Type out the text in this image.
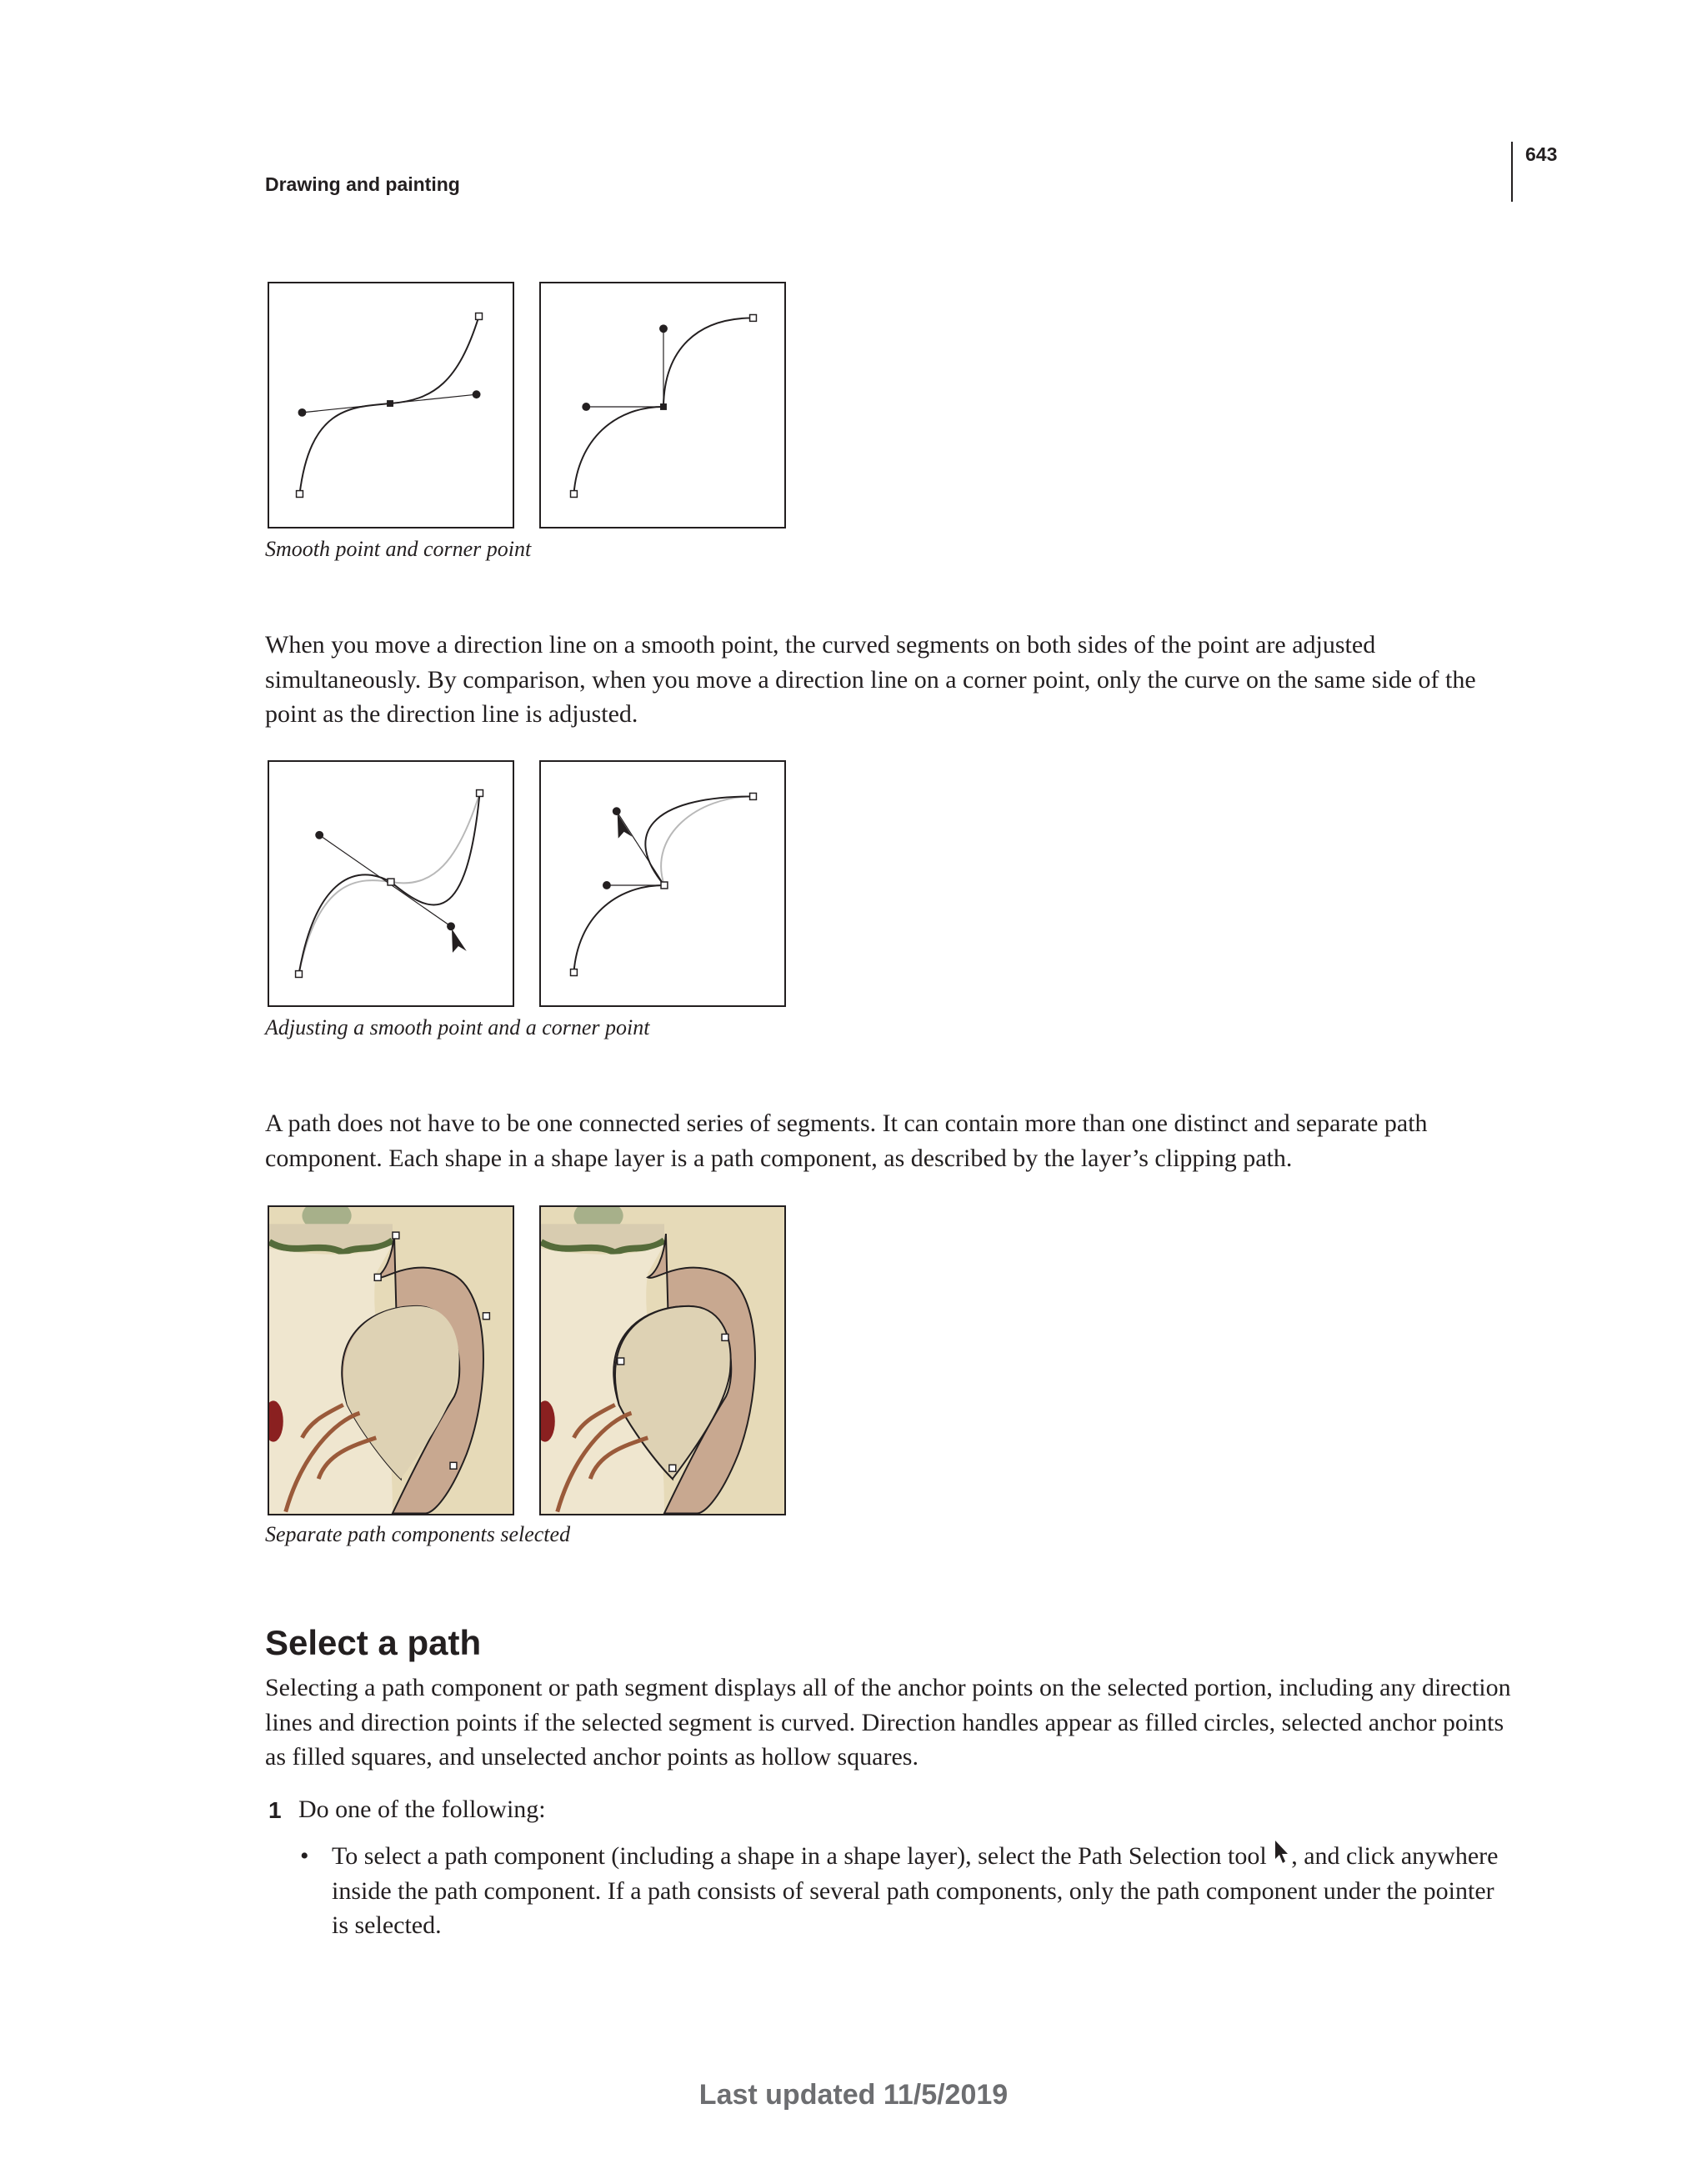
Drawing and painting
643
Smooth point and corner point
When you move a direction line on a smooth point, the curved segments on both sides of the point are adjusted simultaneously. By comparison, when you move a direction line on a corner point, only the curve on the same side of the point as the direction line is adjusted.
Adjusting a smooth point and a corner point
A path does not have to be one connected series of segments. It can contain more than one distinct and separate path component. Each shape in a shape layer is a path component, as described by the layer’s clipping path.
Separate path components selected
Select a path
Selecting a path component or path segment displays all of the anchor points on the selected portion, including any direction lines and direction points if the selected segment is curved. Direction handles appear as filled circles, selected anchor points as filled squares, and unselected anchor points as hollow squares.
1 Do one of the following:
• To select a path component (including a shape in a shape layer), select the Path Selection tool , and click anywhere inside the path component. If a path consists of several path components, only the path component under the pointer is selected.
Last updated 11/5/2019
